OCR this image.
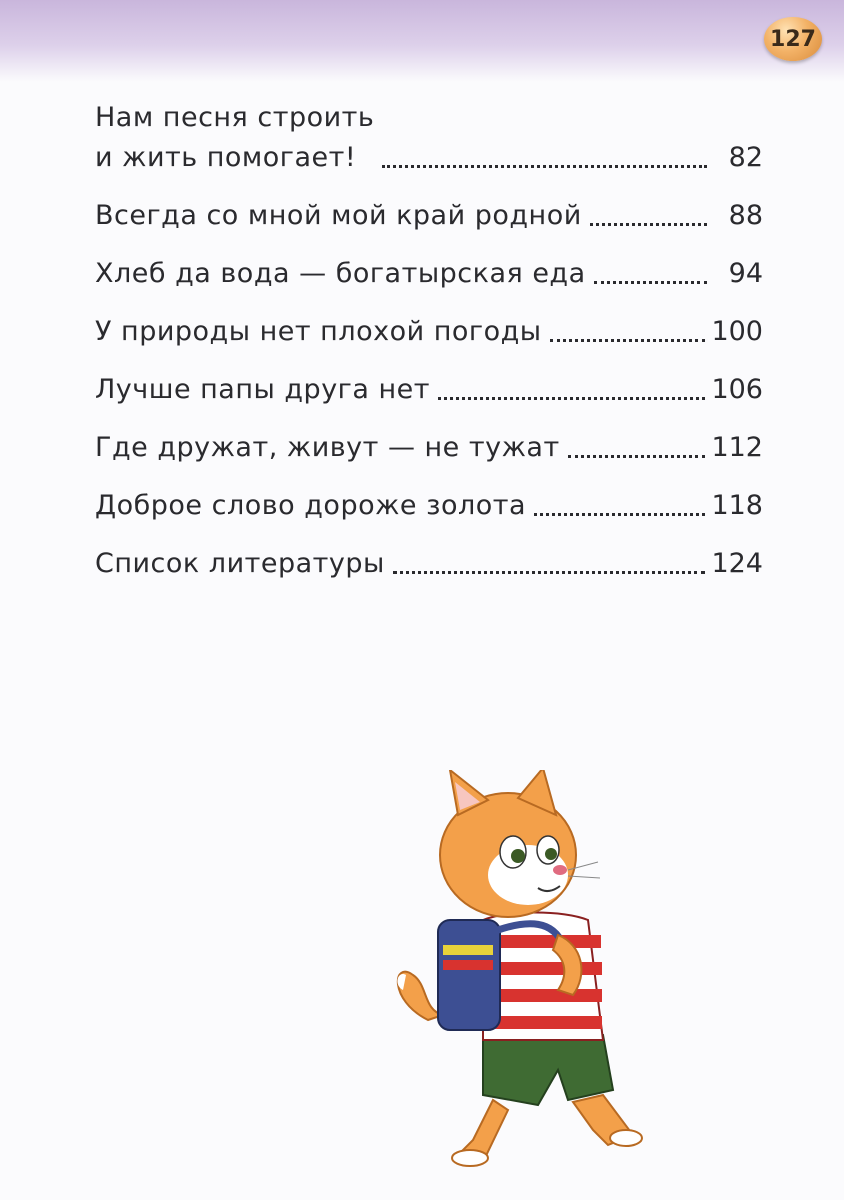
127
Нам песня строить
и жить помогает!	82
Всегда со мной мой край родной	88
Хлеб да вода — богатырская еда	94
У природы нет плохой погоды	100
Лучше папы друга нет	106
Где дружат, живут — не тужат	112
Доброе слово дороже золота	118
Список литературы	124
